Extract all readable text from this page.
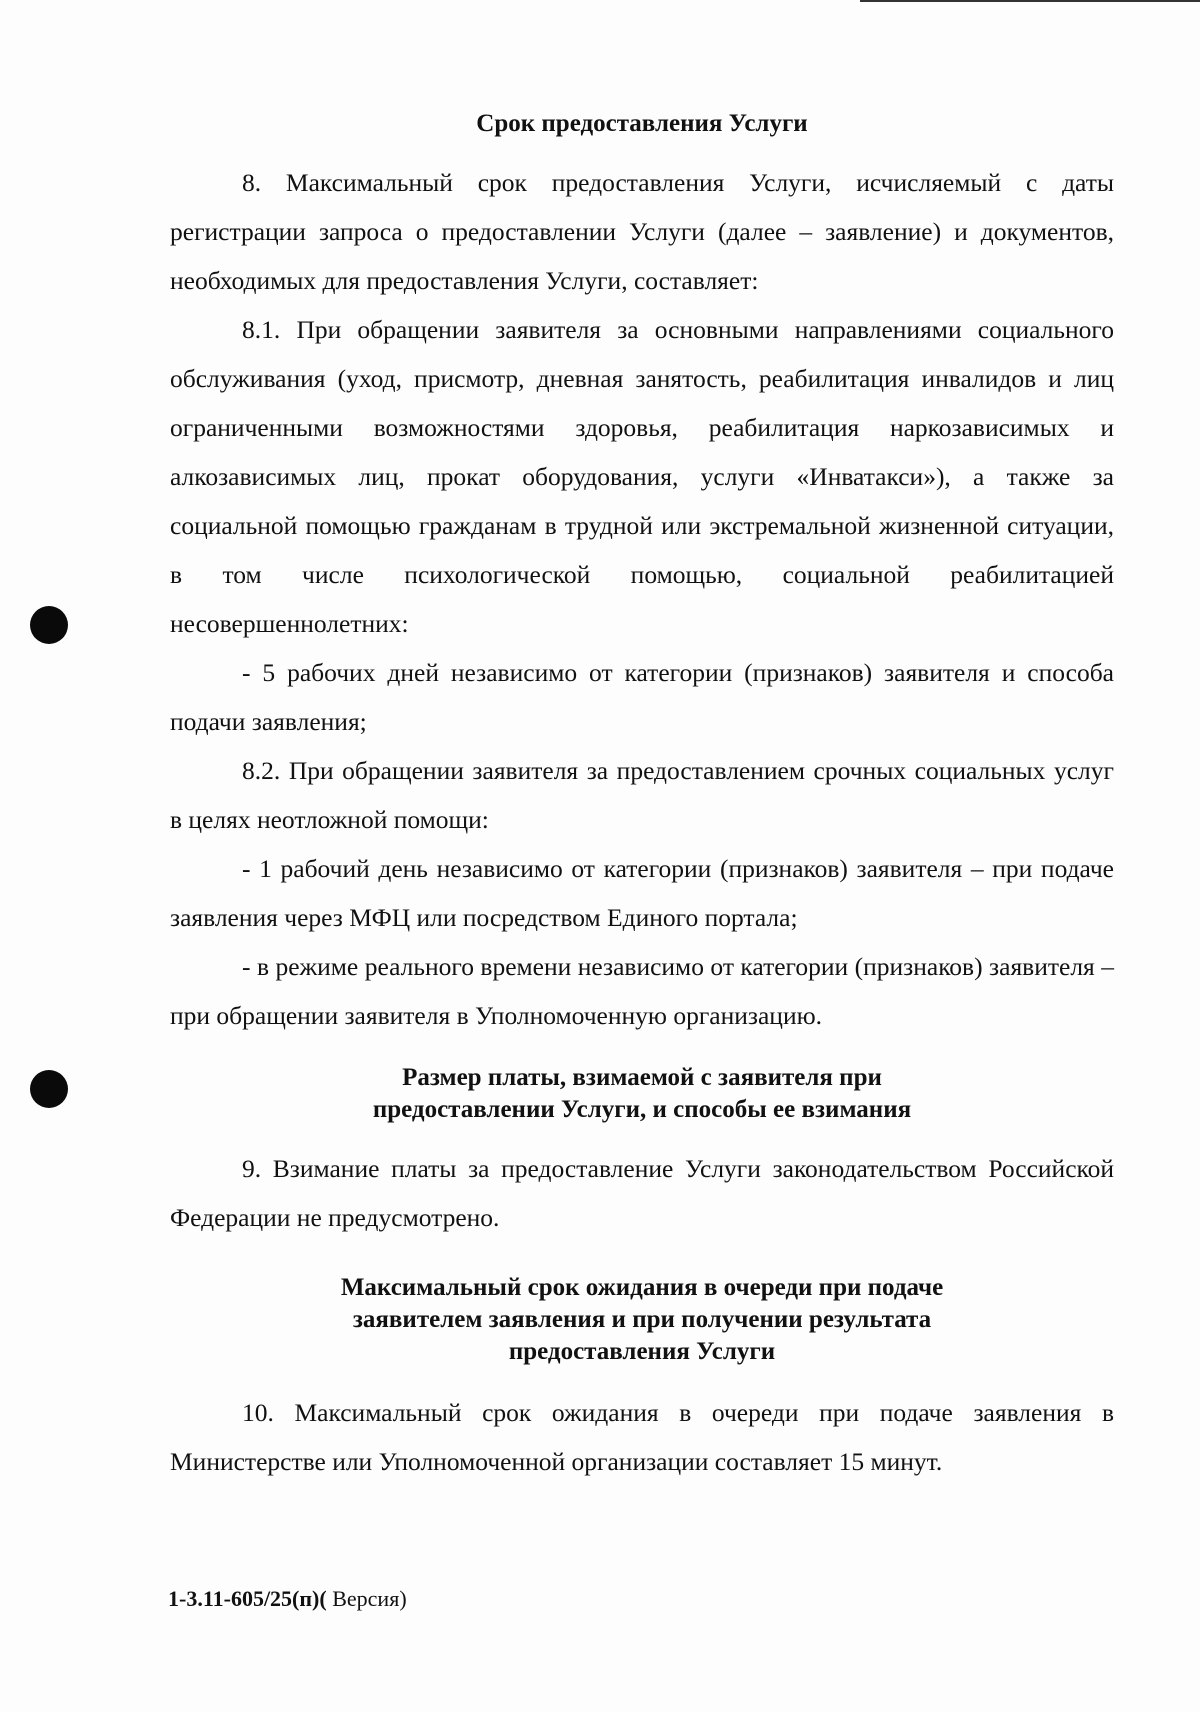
Срок предоставления Услуги

8. Максимальный срок предоставления Услуги, исчисляемый с даты регистрации запроса о предоставлении Услуги (далее – заявление) и документов, необходимых для предоставления Услуги, составляет:

8.1. При обращении заявителя за основными направлениями социального обслуживания (уход, присмотр, дневная занятость, реабилитация инвалидов и лиц ограниченными возможностями здоровья, реабилитация наркозависимых и алкозависимых лиц, прокат оборудования, услуги «Инватакси»), а также за социальной помощью гражданам в трудной или экстремальной жизненной ситуации, в том числе психологической помощью, социальной реабилитацией несовершеннолетних:

- 5 рабочих дней независимо от категории (признаков) заявителя и способа подачи заявления;

8.2. При обращении заявителя за предоставлением срочных социальных услуг в целях неотложной помощи:

- 1 рабочий день независимо от категории (признаков) заявителя – при подаче заявления через МФЦ или посредством Единого портала;

- в режиме реального времени независимо от категории (признаков) заявителя – при обращении заявителя в Уполномоченную организацию.

Размер платы, взимаемой с заявителя при
предоставлении Услуги, и способы ее взимания

9. Взимание платы за предоставление Услуги законодательством Российской Федерации не предусмотрено.

Максимальный срок ожидания в очереди при подаче
заявителем заявления и при получении результата
предоставления Услуги

10. Максимальный срок ожидания в очереди при подаче заявления в Министерстве или Уполномоченной организации составляет 15 минут.

1-3.11-605/25(п)( Версия)
